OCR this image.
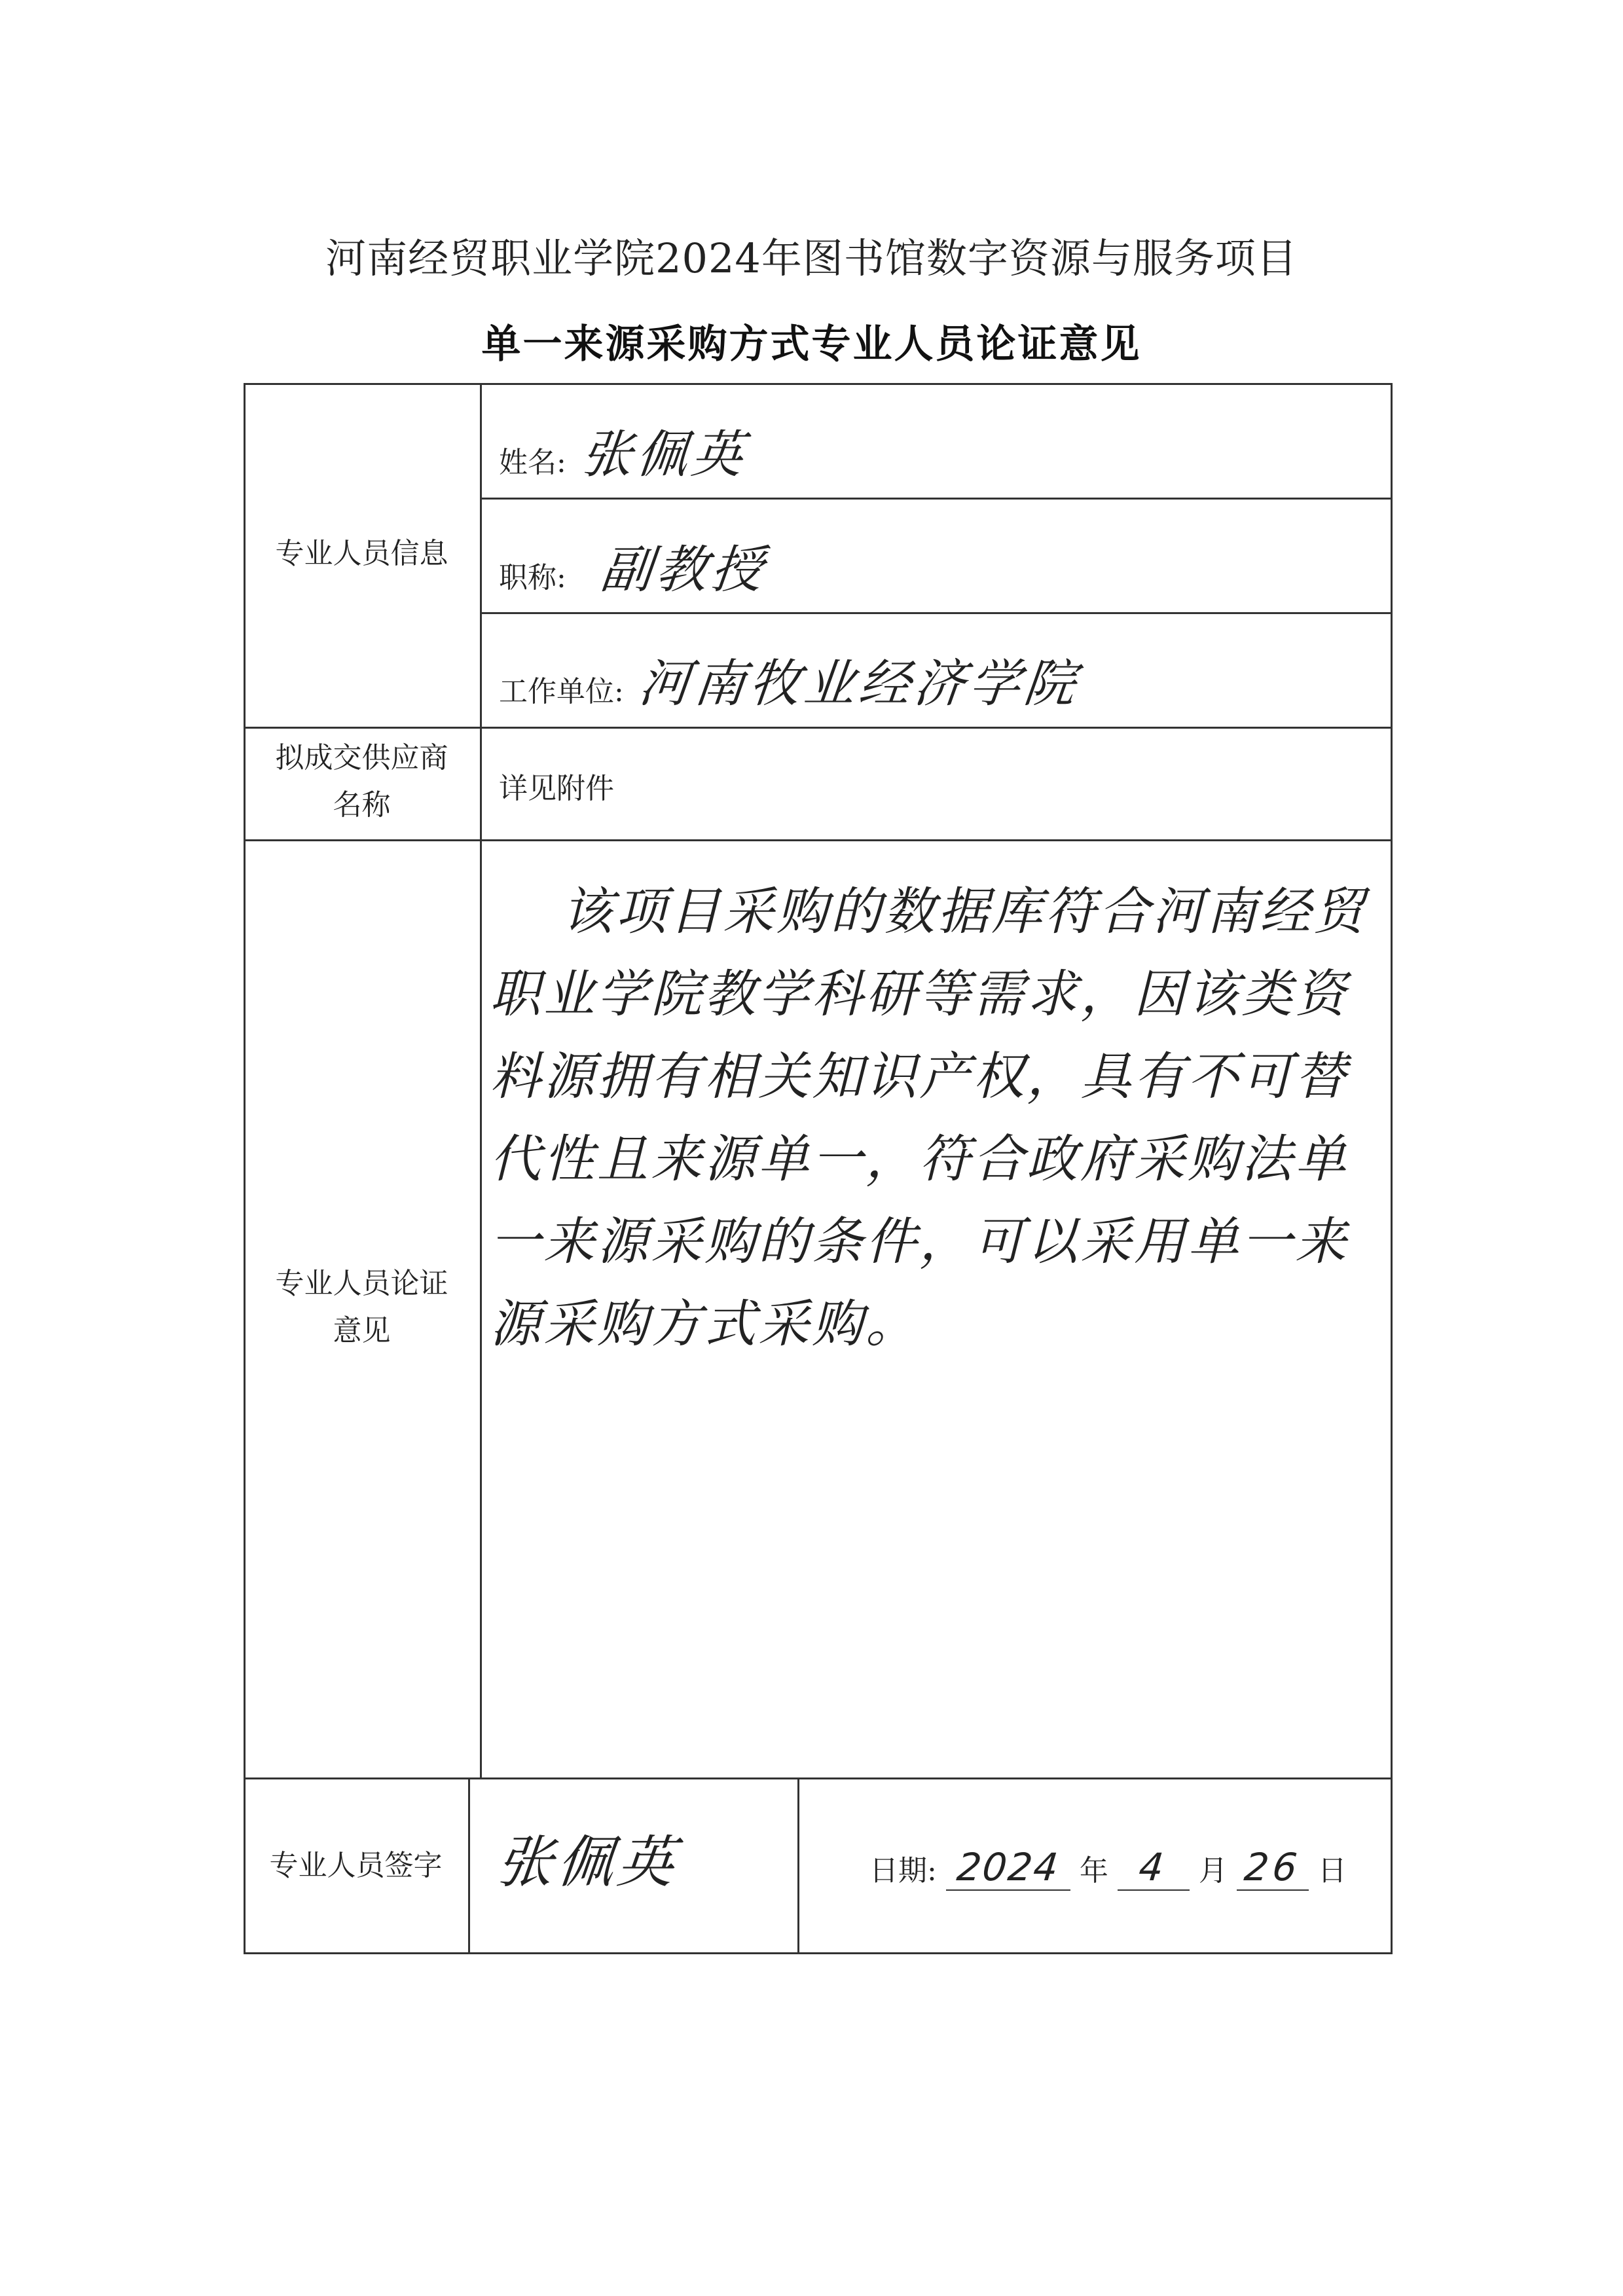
河南经贸职业学院2024年图书馆数字资源与服务项目
单一来源采购方式专业人员论证意见
专业人员信息
姓名: 张佩英
职称: 副教授
工作单位: 河南牧业经济学院
拟成交供应商
名称	详见附件
专业人员论证
意见
该项目采购的数据库符合河南经贸职业学院教学科研等需求，因该类资料源拥有相关知识产权，具有不可替代性且来源单一，符合政府采购法单一来源采购的条件，可以采用单一来源采购方式采购。
专业人员签字 张佩英	日期: 2024 年 4 月 26 日
